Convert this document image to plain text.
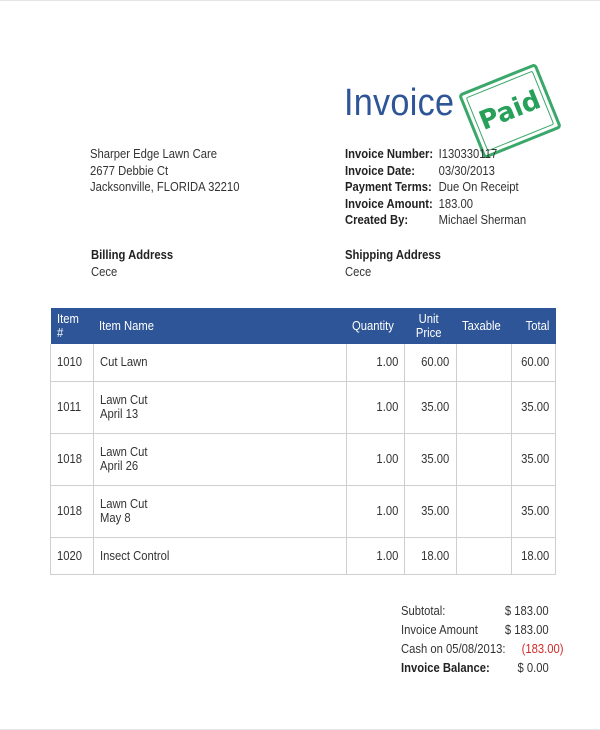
Invoice Paid
Sharper Edge Lawn Care
2677 Debbie Ct
Jacksonville, FLORIDA 32210
Invoice Number: I130330117
Invoice Date:	03/30/2013
Payment Terms: Due On Receipt
Invoice Amount: 183.00
Created By:	Michael Sherman
Billing Address
Cece
Shipping Address
Cece
Item #	Item Name	Quantity	Unit Price	Taxable	Total
1010	Cut Lawn	1.00	60.00		60.00
1011	Lawn Cut
April 13	1.00	35.00		35.00
1018	Lawn Cut
April 26	1.00	35.00		35.00
1018	Lawn Cut
May 8	1.00	35.00		35.00
1020	Insect Control	1.00	18.00		18.00
Subtotal:	$ 183.00
Invoice Amount $ 183.00
Cash on 05/08/2013: (183.00)
Invoice Balance: $ 0.00
